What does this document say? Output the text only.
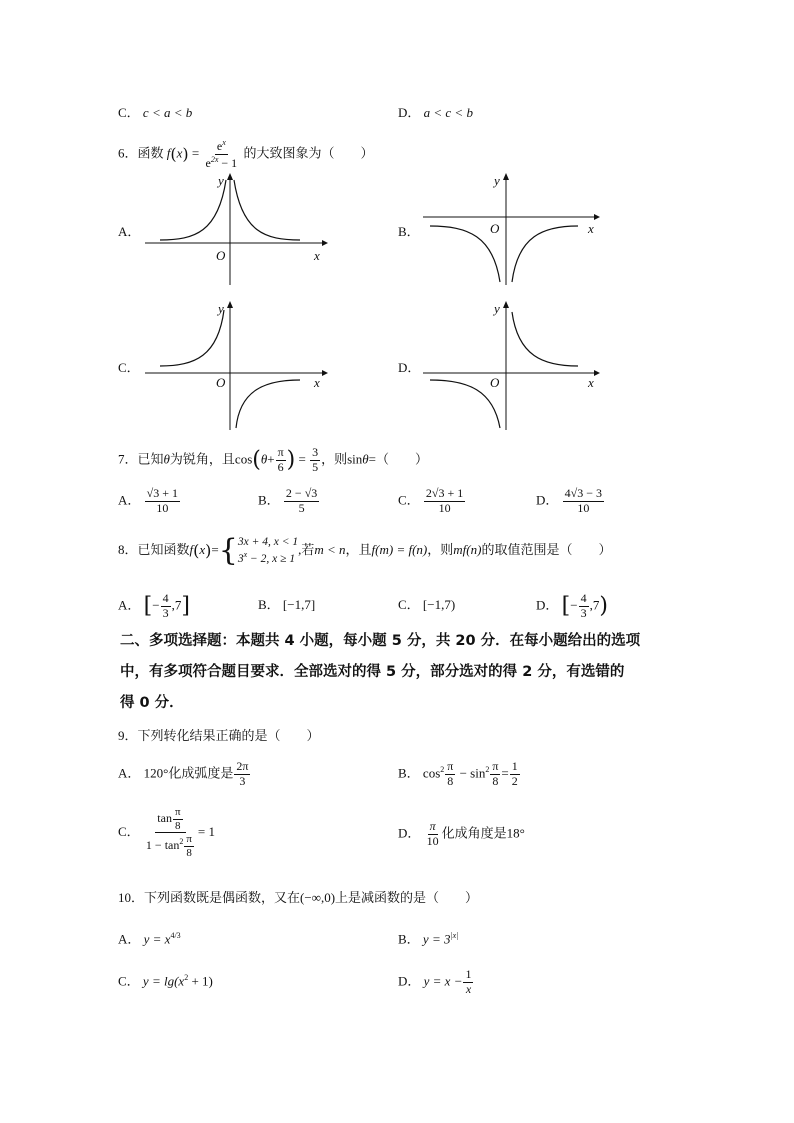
C． c < a < b	D． a < c < b
6．函数 $f(x) = \frac{e^x}{e^{2x} - 1}$ 的大致图象为（　　）
A．	B．
C．	D．
y
x
O
y
x
O
y
x
O
y
x
O
7．已知θ为锐角，且$\cos(\theta+ \frac{\pi}{6}$ ) = $\frac{3}{5}$ ，则sinθ=（　　）
A． $\frac{√3 + 1}{10}$	B． $\frac{2 - √3}{5}$	C． $\frac{2√3 + 1}{10}$	D． $\frac{4√3 - 3}{10}$
8．已知函数f(x)={ 3x + 4, x < 1
$3^x - 2$, x ≥ 1
,若m < n，且f(m) = f(n)，则mf(n)的取值范围是（　　）
A． [− $\frac{4}{3} ,7$]	B． [−1,7]	C． [−1,7)	D． [− $\frac{4}{3} ,7$)
二、多项选择题：本题共 4 小题，每小题 5 分，共 20 分．在每小题给出的选项
中，有多项符合题目要求．全部选对的得 5 分，部分选对的得 2 分，有选错的
得 0 分．
9．下列转化结果正确的是（　　）
A． 120°化成弧度是 $\frac{2\pi}{3}$	B． $\cos^2 \frac{\pi}{8} - \sin^2 \frac{\pi}{8} = \frac{1}{2}$
C． $\frac{\tan \frac{\pi}{8}}{1 - \tan^2 \frac{\pi}{8}} = 1$	D． $\frac{\pi}{10}$ 化成角度是18°
10．下列函数既是偶函数，又在(−∞,0)上是减函数的是（　　）
A． $y = x^{4/3}$	B． $y = 3^{|x|}$
C． $y = \lg(x^2 + 1)$	D． $y = x - \frac{1}{x}$
